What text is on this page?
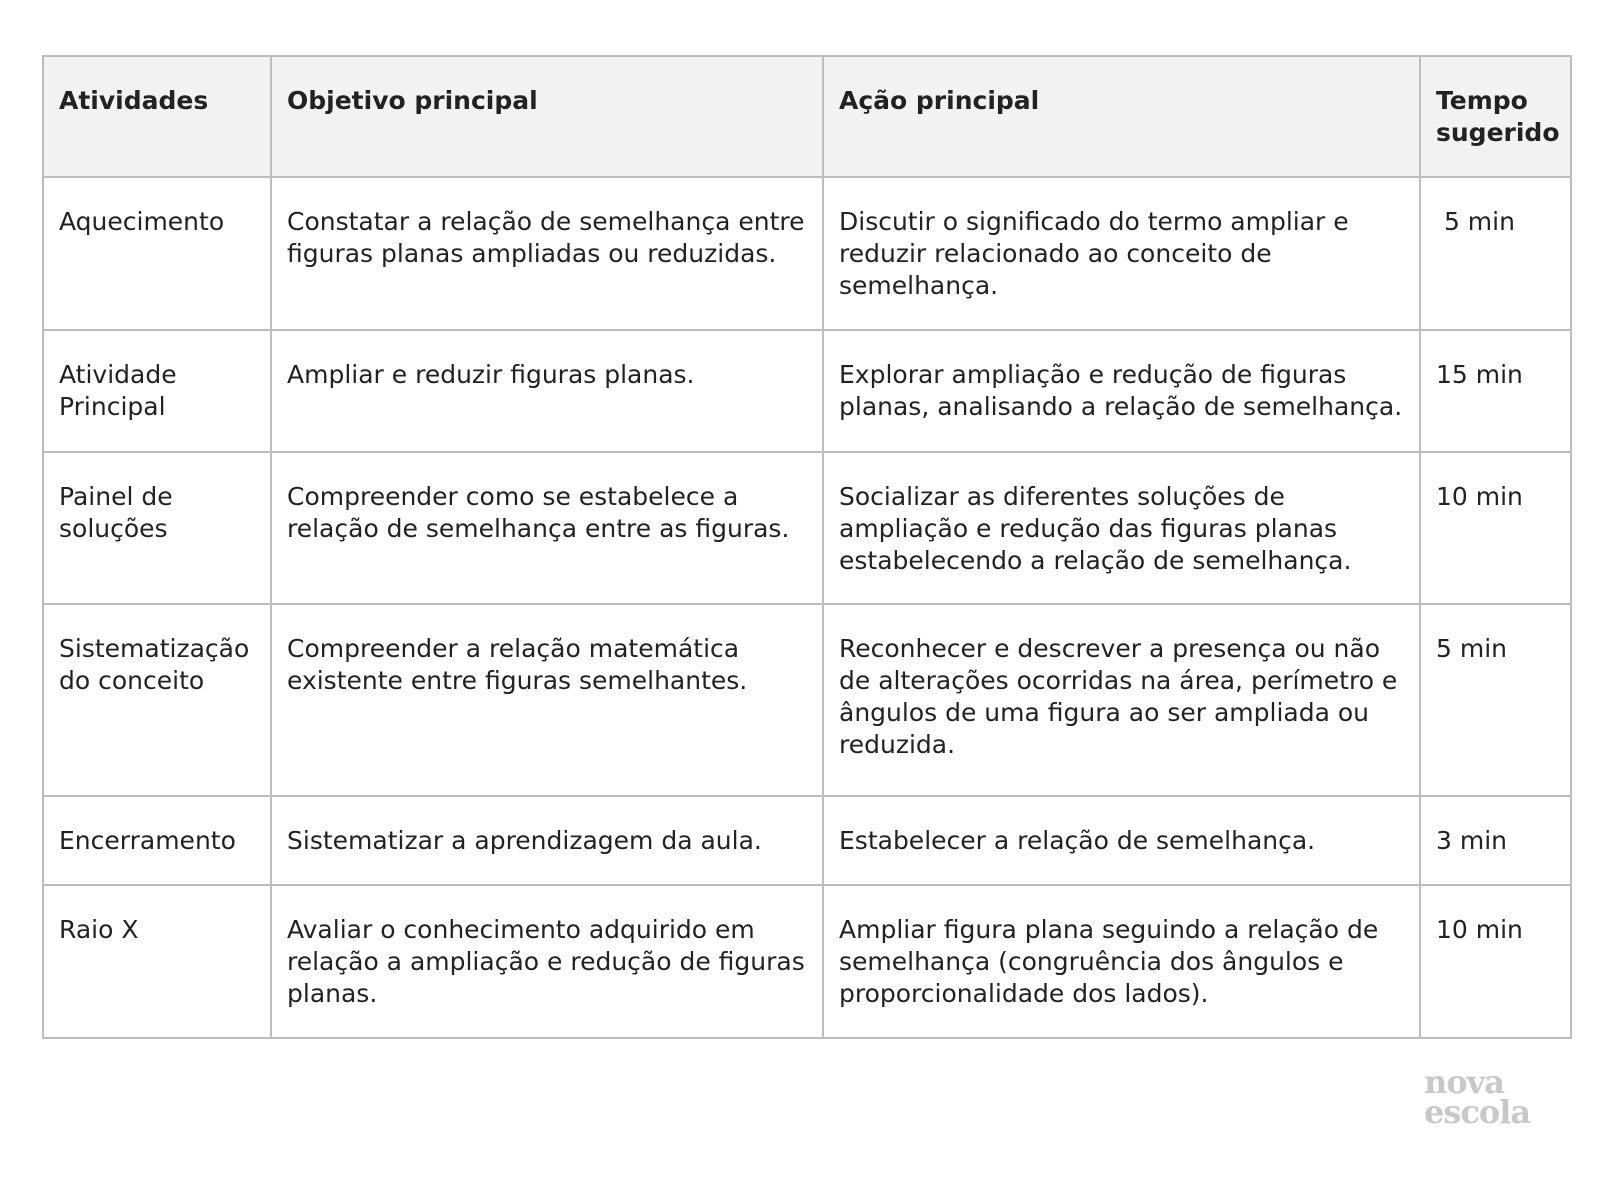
Atividades	Objetivo principal	Ação principal	Tempo sugerido
Aquecimento	Constatar a relação de semelhança entre figuras planas ampliadas ou reduzidas.	Discutir o significado do termo ampliar e reduzir relacionado ao conceito de semelhança.	5 min
Atividade Principal	Ampliar e reduzir figuras planas.	Explorar ampliação e redução de figuras planas, analisando a relação de semelhança.	15 min
Painel de soluções	Compreender como se estabelece a relação de semelhança entre as figuras.	Socializar as diferentes soluções de ampliação e redução das figuras planas estabelecendo a relação de semelhança.	10 min
Sistematização do conceito	Compreender a relação matemática existente entre figuras semelhantes.	Reconhecer e descrever a presença ou não de alterações ocorridas na área, perímetro e ângulos de uma figura ao ser ampliada ou reduzida.	5 min
Encerramento	Sistematizar a aprendizagem da aula.	Estabelecer a relação de semelhança.	3 min
Raio X	Avaliar o conhecimento adquirido em relação a ampliação e redução de figuras planas.	Ampliar figura plana seguindo a relação de semelhança (congruência dos ângulos e proporcionalidade dos lados).	10 min
nova
escola
